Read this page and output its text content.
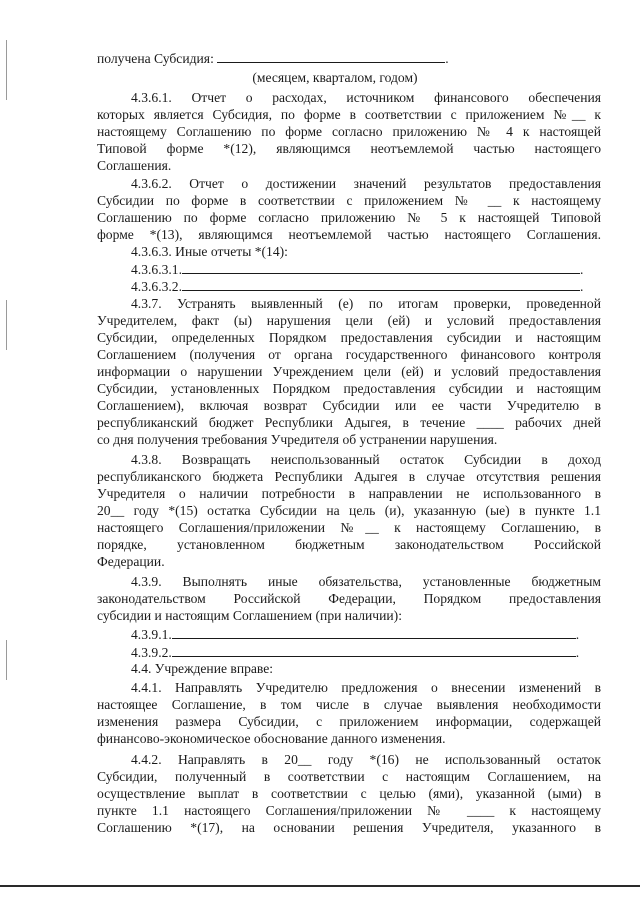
получена Субсидия:	.
(месяцем, кварталом, годом)
4.3.6.1. Отчет о расходах, источником финансового обеспечения
которых является Субсидия, по форме в соответствии с приложением №__ к
настоящему Соглашению по форме согласно приложению № 4 к настоящей
Типовой форме *(12), являющимся неотъемлемой частью настоящего
Соглашения.
4.3.6.2. Отчет о достижении значений результатов предоставления
Субсидии по форме в соответствии с приложением № __ к настоящему
Соглашению по форме согласно приложению № 5 к настоящей Типовой
форме *(13), являющимся неотъемлемой частью настоящего Соглашения.
4.3.6.3. Иные отчеты *(14):
4.3.6.3.1.	.
4.3.6.3.2.	.
4.3.7. Устранять выявленный (е) по итогам проверки, проведенной
Учредителем, факт (ы) нарушения цели (ей) и условий предоставления
Субсидии, определенных Порядком предоставления субсидии и настоящим
Соглашением (получения от органа государственного финансового контроля
информации о нарушении Учреждением цели (ей) и условий предоставления
Субсидии, установленных Порядком предоставления субсидии и настоящим
Соглашением), включая возврат Субсидии или ее части Учредителю в
республиканский бюджет Республики Адыгея, в течение ____ рабочих дней
со дня получения требования Учредителя об устранении нарушения.
4.3.8. Возвращать неиспользованный остаток Субсидии в доход
республиканского бюджета Республики Адыгея в случае отсутствия решения
Учредителя о наличии потребности в направлении не использованного в
20__ году *(15) остатка Субсидии на цель (и), указанную (ые) в пункте 1.1
настоящего Соглашения/приложении №__ к настоящему Соглашению, в
порядке, установленном бюджетным законодательством Российской
Федерации.
4.3.9. Выполнять иные обязательства, установленные бюджетным
законодательством Российской Федерации, Порядком предоставления
субсидии и настоящим Соглашением (при наличии):
4.3.9.1.	.
4.3.9.2.	.
4.4. Учреждение вправе:
4.4.1. Направлять Учредителю предложения о внесении изменений в
настоящее Соглашение, в том числе в случае выявления необходимости
изменения размера Субсидии, с приложением информации, содержащей
финансово-экономическое обоснование данного изменения.
4.4.2. Направлять в 20__ году *(16) не использованный остаток
Субсидии, полученный в соответствии с настоящим Соглашением, на
осуществление выплат в соответствии с целью (ями), указанной (ыми) в
пункте 1.1 настоящего Соглашения/приложении № ____ к настоящему
Соглашению *(17), на основании решения Учредителя, указанного в
